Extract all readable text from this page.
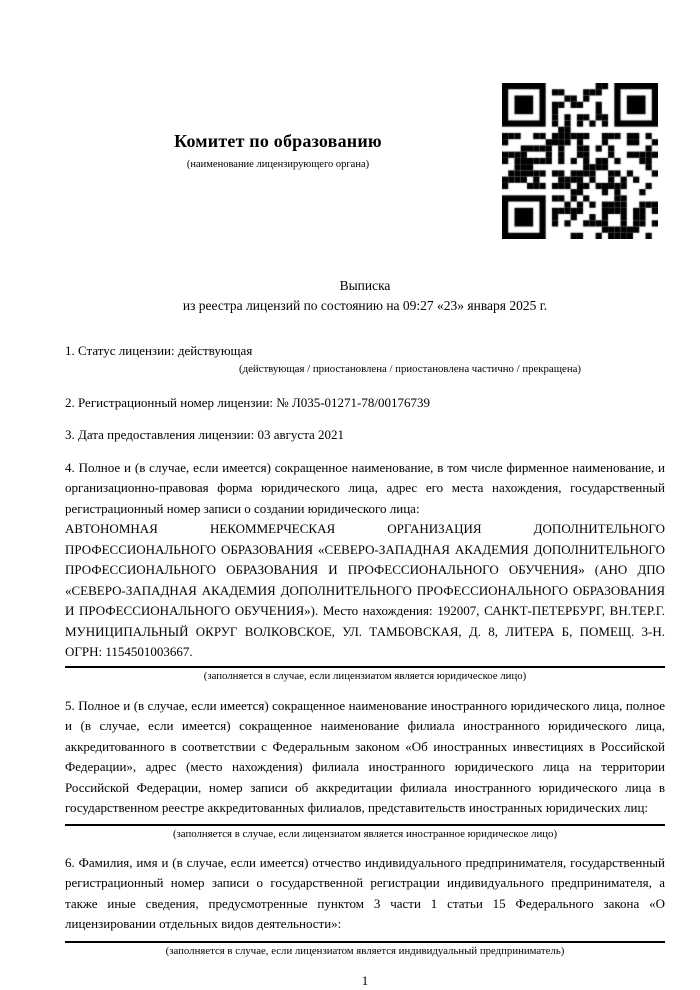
Комитет по образованию
(наименование лицензирующего органа)
Выписка
из реестра лицензий по состоянию на 09:27 «23» января 2025 г.
1. Статус лицензии: действующая
(действующая / приостановлена / приостановлена частично / прекращена)
2. Регистрационный номер лицензии: № Л035-01271-78/00176739
3. Дата предоставления лицензии: 03 августа 2021
4. Полное и (в случае, если имеется) сокращенное наименование, в том числе фирменное наименование, и организационно-правовая форма юридического лица, адрес его места нахождения, государственный регистрационный номер записи о создании юридического лица:
АВТОНОМНАЯ НЕКОММЕРЧЕСКАЯ ОРГАНИЗАЦИЯ ДОПОЛНИТЕЛЬНОГО ПРОФЕССИОНАЛЬНОГО ОБРАЗОВАНИЯ «СЕВЕРО-ЗАПАДНАЯ АКАДЕМИЯ ДОПОЛНИТЕЛЬНОГО ПРОФЕССИОНАЛЬНОГО ОБРАЗОВАНИЯ И ПРОФЕССИОНАЛЬНОГО ОБУЧЕНИЯ» (АНО ДПО «СЕВЕРО-ЗАПАДНАЯ АКАДЕМИЯ ДОПОЛНИТЕЛЬНОГО ПРОФЕССИОНАЛЬНОГО ОБРАЗОВАНИЯ И ПРОФЕССИОНАЛЬНОГО ОБУЧЕНИЯ»). Место нахождения: 192007, САНКТ-ПЕТЕРБУРГ, ВН.ТЕР.Г. МУНИЦИПАЛЬНЫЙ ОКРУГ ВОЛКОВСКОЕ, УЛ. ТАМБОВСКАЯ, Д. 8, ЛИТЕРА Б, ПОМЕЩ. 3-Н. ОГРН: 1154501003667.
(заполняется в случае, если лицензиатом является юридическое лицо)
5. Полное и (в случае, если имеется) сокращенное наименование иностранного юридического лица, полное и (в случае, если имеется) сокращенное наименование филиала иностранного юридического лица, аккредитованного в соответствии с Федеральным законом «Об иностранных инвестициях в Российской Федерации», адрес (место нахождения) филиала иностранного юридического лица на территории Российской Федерации, номер записи об аккредитации филиала иностранного юридического лица в государственном реестре аккредитованных филиалов, представительств иностранных юридических лиц:
(заполняется в случае, если лицензиатом является иностранное юридическое лицо)
6. Фамилия, имя и (в случае, если имеется) отчество индивидуального предпринимателя, государственный регистрационный номер записи о государственной регистрации индивидуального предпринимателя, а также иные сведения, предусмотренные пунктом 3 части 1 статьи 15 Федерального закона «О лицензировании отдельных видов деятельности»:
(заполняется в случае, если лицензиатом является индивидуальный предприниматель)
1
